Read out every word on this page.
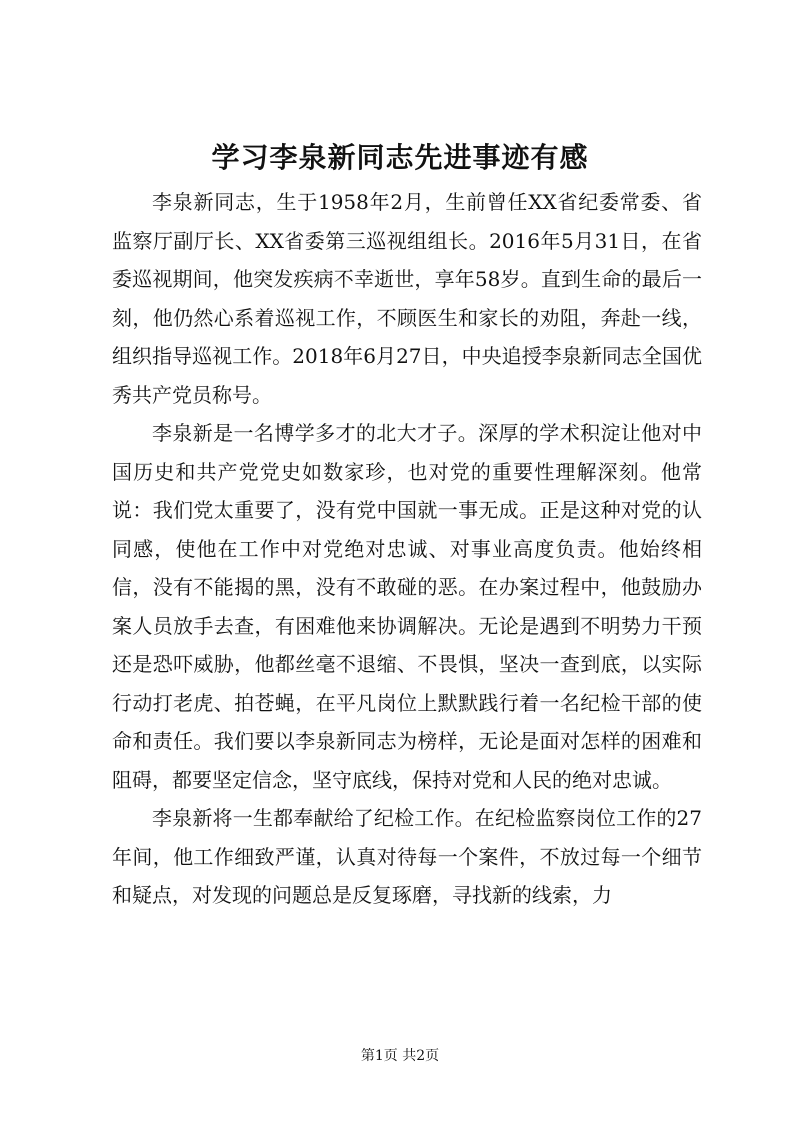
学习李泉新同志先进事迹有感

李泉新同志，生于1958年2月，生前曾任XX省纪委常委、省监察厅副厅长、XX省委第三巡视组组长。2016年5月31日，在省委巡视期间，他突发疾病不幸逝世，享年58岁。直到生命的最后一刻，他仍然心系着巡视工作，不顾医生和家长的劝阻，奔赴一线，组织指导巡视工作。2018年6月27日，中央追授李泉新同志全国优秀共产党员称号。

李泉新是一名博学多才的北大才子。深厚的学术积淀让他对中国历史和共产党党史如数家珍，也对党的重要性理解深刻。他常说：我们党太重要了，没有党中国就一事无成。正是这种对党的认同感，使他在工作中对党绝对忠诚、对事业高度负责。他始终相信，没有不能揭的黑，没有不敢碰的恶。在办案过程中，他鼓励办案人员放手去查，有困难他来协调解决。无论是遇到不明势力干预还是恐吓威胁，他都丝毫不退缩、不畏惧，坚决一查到底，以实际行动打老虎、拍苍蝇，在平凡岗位上默默践行着一名纪检干部的使命和责任。我们要以李泉新同志为榜样，无论是面对怎样的困难和阻碍，都要坚定信念，坚守底线，保持对党和人民的绝对忠诚。

李泉新将一生都奉献给了纪检工作。在纪检监察岗位工作的27年间，他工作细致严谨，认真对待每一个案件，不放过每一个细节和疑点，对发现的问题总是反复琢磨，寻找新的线索，力

第1页 共2页
